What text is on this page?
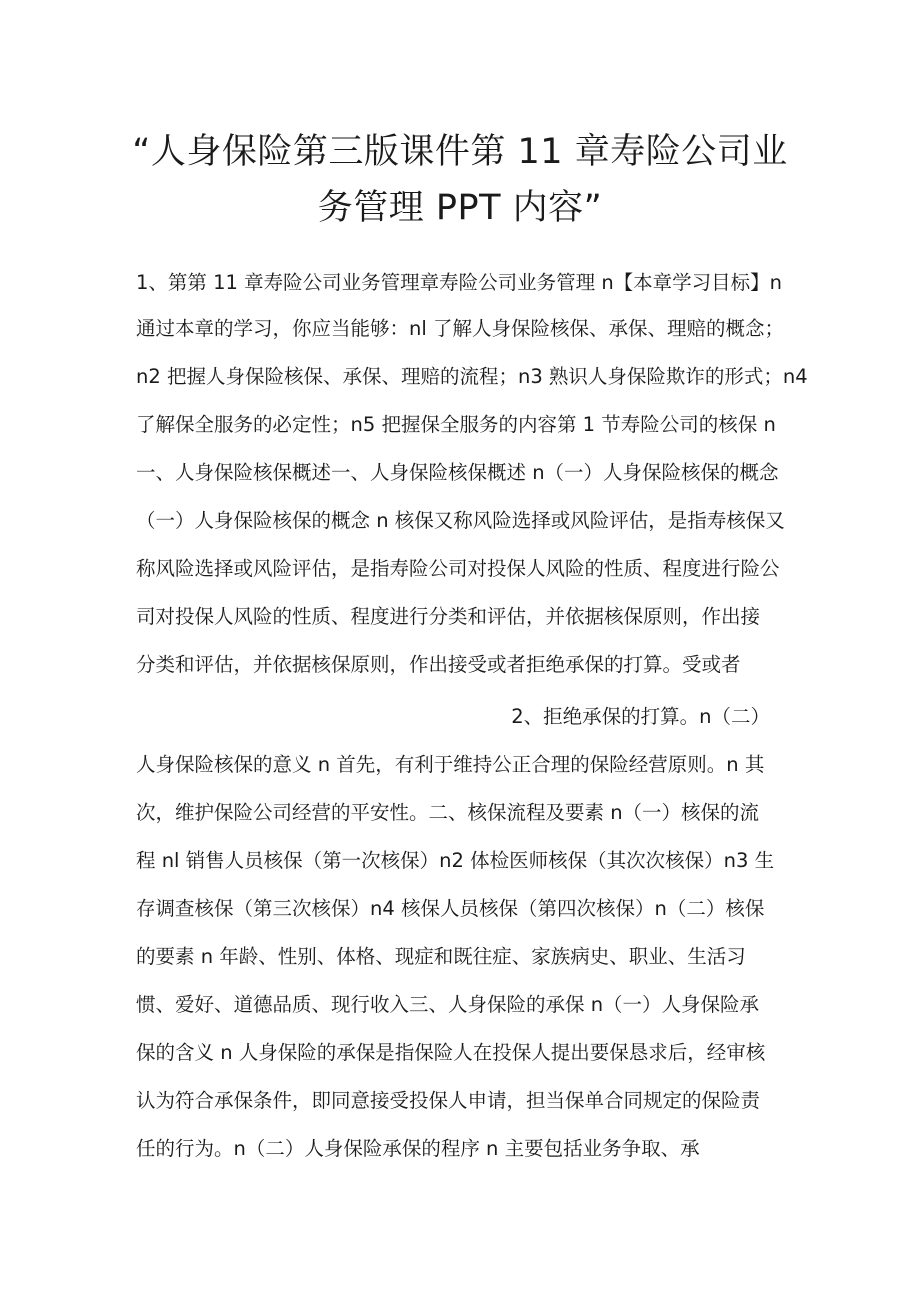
“人身保险第三版课件第 11 章寿险公司业
务管理 PPT 内容”

1、第第 11 章寿险公司业务管理章寿险公司业务管理 n【本章学习目标】n

通过本章的学习，你应当能够：nl 了解人身保险核保、承保、理赔的概念；

n2 把握人身保险核保、承保、理赔的流程；n3 熟识人身保险欺诈的形式；n4

了解保全服务的必定性；n5 把握保全服务的内容第 1 节寿险公司的核保 n

一、人身保险核保概述一、人身保险核保概述 n（一）人身保险核保的概念

（一）人身保险核保的概念 n 核保又称风险选择或风险评估，是指寿核保又

称风险选择或风险评估，是指寿险公司对投保人风险的性质、程度进行险公

司对投保人风险的性质、程度进行分类和评估，并依据核保原则，作出接

分类和评估，并依据核保原则，作出接受或者拒绝承保的打算。受或者

2、拒绝承保的打算。n（二）

人身保险核保的意义 n 首先，有利于维持公正合理的保险经营原则。n 其

次，维护保险公司经营的平安性。二、核保流程及要素 n（一）核保的流

程 nl 销售人员核保（第一次核保）n2 体检医师核保（其次次核保）n3 生

存调查核保（第三次核保）n4 核保人员核保（第四次核保）n（二）核保

的要素 n 年龄、性别、体格、现症和既往症、家族病史、职业、生活习

惯、爱好、道德品质、现行收入三、人身保险的承保 n（一）人身保险承

保的含义 n 人身保险的承保是指保险人在投保人提出要保恳求后，经审核

认为符合承保条件，即同意接受投保人申请，担当保单合同规定的保险责

任的行为。n（二）人身保险承保的程序 n 主要包括业务争取、承
